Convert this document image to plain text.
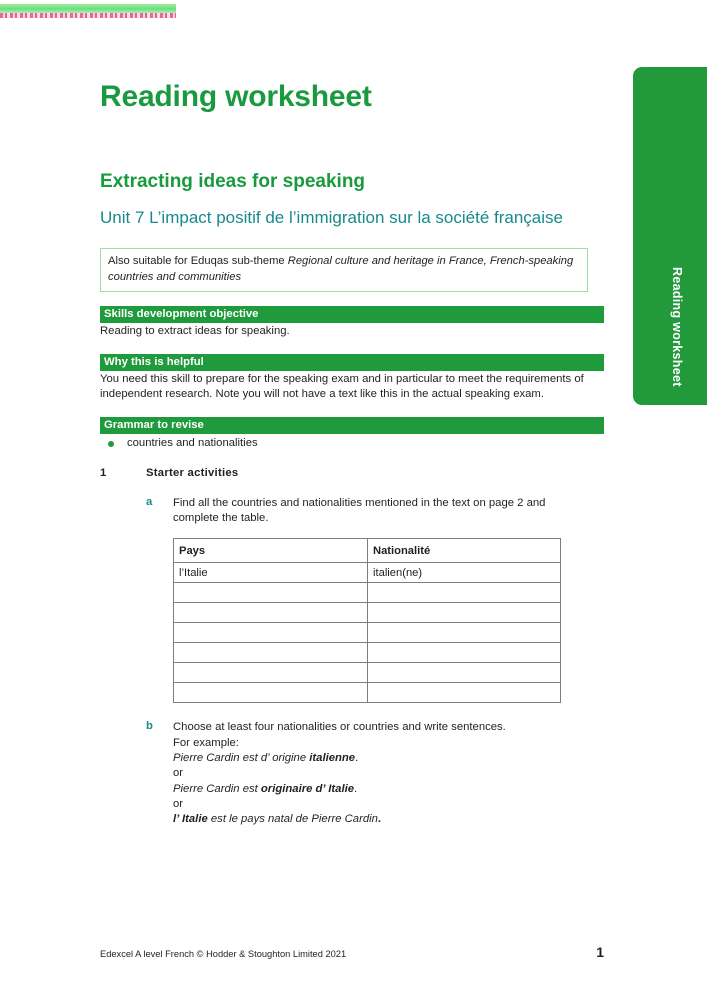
Reading worksheet
Reading worksheet
Extracting ideas for speaking
Unit 7 L’impact positif de l’immigration sur la société française
Also suitable for Eduqas sub-theme Regional culture and heritage in France, French-speaking countries and communities
Skills development objective
Reading to extract ideas for speaking.
Why this is helpful
You need this skill to prepare for the speaking exam and in particular to meet the requirements of independent research. Note you will not have a text like this in the actual speaking exam.
Grammar to revise
countries and nationalities
1	Starter activities
a	Find all the countries and nationalities mentioned in the text on page 2 and complete the table.
Pays	Nationalité
l’Italie	italien(ne)

b	Choose at least four nationalities or countries and write sentences.
For example:
Pierre Cardin est d’ origine italienne.
or
Pierre Cardin est originaire d’ Italie.
or
l’ Italie est le pays natal de Pierre Cardin.
Edexcel A level French © Hodder & Stoughton Limited 2021	1
